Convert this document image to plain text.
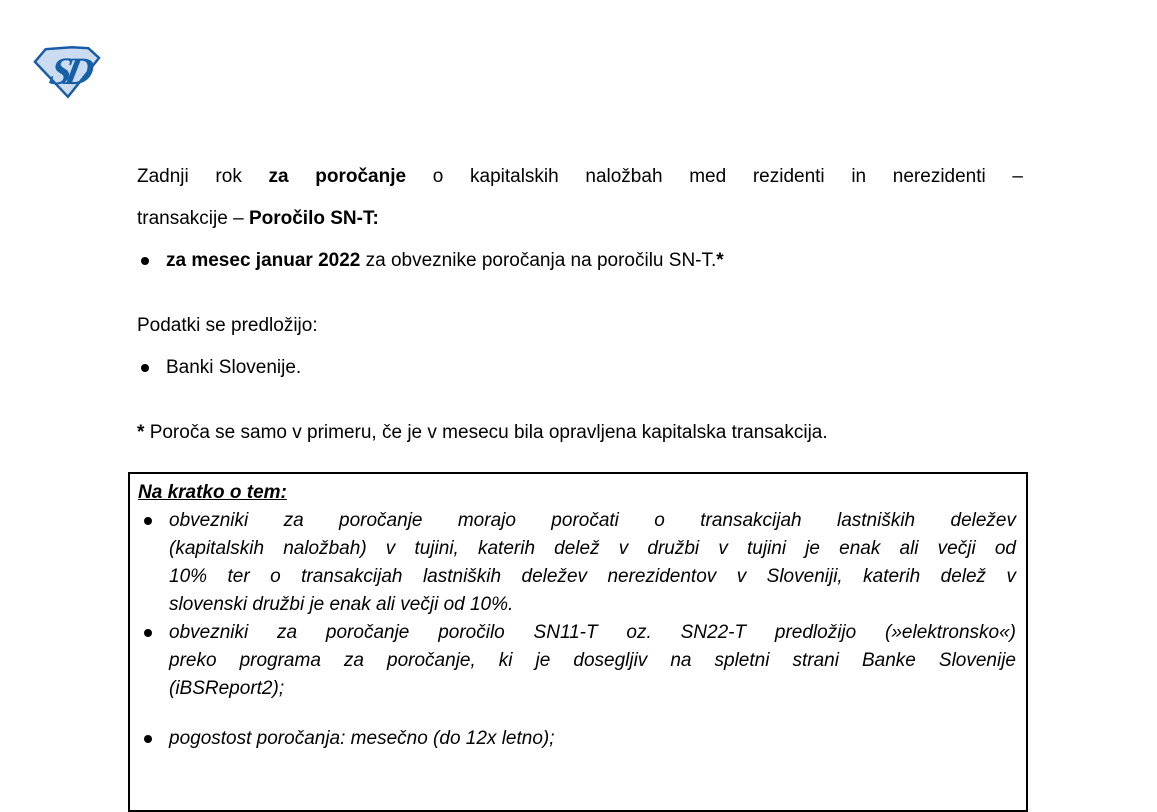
SD
Zadnji rok za poročanje o kapitalskih naložbah med rezidenti in nerezidenti –
transakcije – Poročilo SN-T:
za mesec januar 2022 za obveznike poročanja na poročilu SN-T.*
Podatki se predložijo:
Banki Slovenije.
* Poroča se samo v primeru, če je v mesecu bila opravljena kapitalska transakcija.
Na kratko o tem:
obvezniki za poročanje morajo poročati o transakcijah lastniških deležev
(kapitalskih naložbah) v tujini, katerih delež v družbi v tujini je enak ali večji od
10% ter o transakcijah lastniških deležev nerezidentov v Sloveniji, katerih delež v
slovenski družbi je enak ali večji od 10%.
obvezniki za poročanje poročilo SN11-T oz. SN22-T predložijo (»elektronsko«)
preko programa za poročanje, ki je dosegljiv na spletni strani Banke Slovenije
(iBSReport2);
pogostost poročanja: mesečno (do 12x letno);
